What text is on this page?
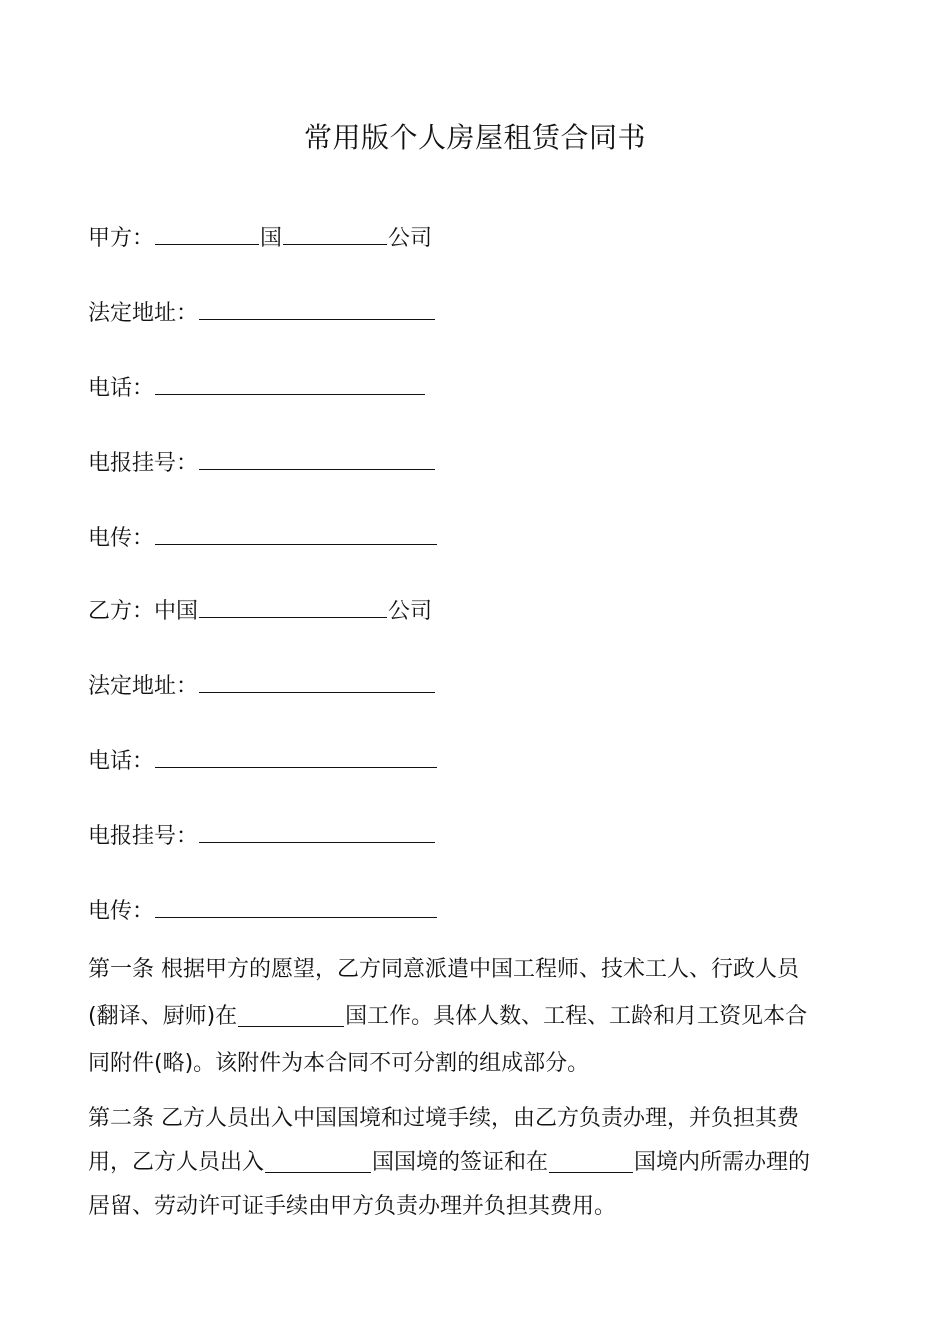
常用版个人房屋租赁合同书
甲方：	国	公司
法定地址：
电话：
电报挂号：
电传：
乙方：中国	公司
法定地址：
电话：
电报挂号：
电传：
第一条 根据甲方的愿望，乙方同意派遣中国工程师、技术工人、行政人员
(翻译、厨师)在	国工作。具体人数、工程、工龄和月工资见本合
同附件(略)。该附件为本合同不可分割的组成部分。
第二条 乙方人员出入中国国境和过境手续，由乙方负责办理，并负担其费
用，乙方人员出入	国国境的签证和在	国境内所需办理的
居留、劳动许可证手续由甲方负责办理并负担其费用。
